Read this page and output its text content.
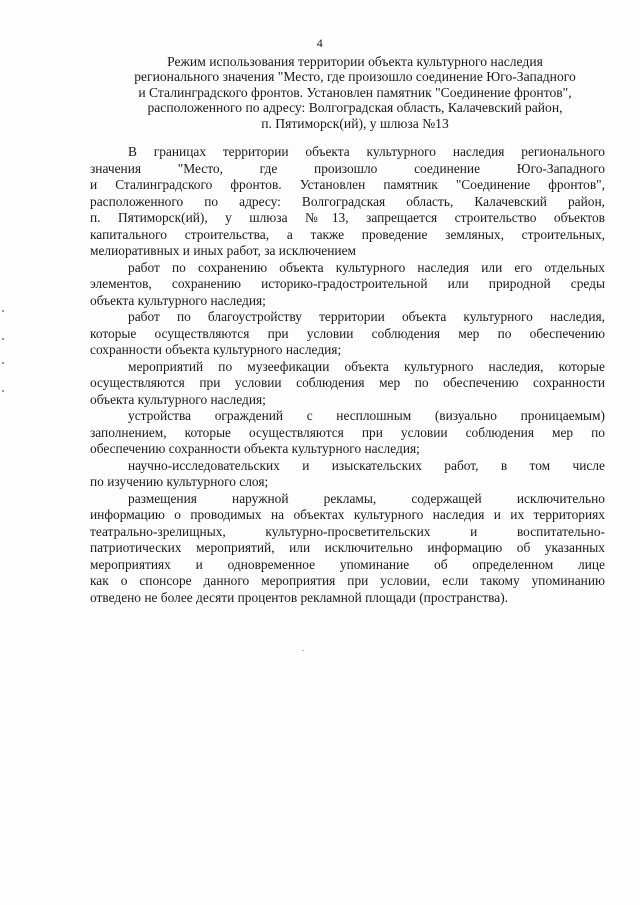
4
Режим использования территории объекта культурного наследия
регионального значения "Место, где произошло соединение Юго-Западного
и Сталинградского фронтов. Установлен памятник "Соединение фронтов",
расположенного по адресу: Волгоградская область, Калачевский район,
п. Пятиморск(ий), у шлюза №13
В границах территории объекта культурного наследия регионального
значения "Место, где произошло соединение Юго-Западного
и Сталинградского фронтов. Установлен памятник "Соединение фронтов",
расположенного по адресу: Волгоградская область, Калачевский район,
п. Пятиморск(ий), у шлюза №13, запрещается строительство объектов
капитального строительства, а также проведение земляных, строительных,
мелиоративных и иных работ, за исключением
работ по сохранению объекта культурного наследия или его отдельных
элементов, сохранению историко-градостроительной или природной среды
объекта культурного наследия;
работ по благоустройству территории объекта культурного наследия,
которые осуществляются при условии соблюдения мер по обеспечению
сохранности объекта культурного наследия;
мероприятий по музеефикации объекта культурного наследия, которые
осуществляются при условии соблюдения мер по обеспечению сохранности
объекта культурного наследия;
устройства ограждений с несплошным (визуально проницаемым)
заполнением, которые осуществляются при условии соблюдения мер по
обеспечению сохранности объекта культурного наследия;
научно-исследовательских и изыскательских работ, в том числе
по изучению культурного слоя;
размещения наружной рекламы, содержащей исключительно
информацию о проводимых на объектах культурного наследия и их территориях
театрально-зрелищных, культурно-просветительских и воспитательно-
патриотических мероприятий, или исключительно информацию об указанных
мероприятиях и одновременное упоминание об определенном лице
как о спонсоре данного мероприятия при условии, если такому упоминанию
отведено не более десяти процентов рекламной площади (пространства).
